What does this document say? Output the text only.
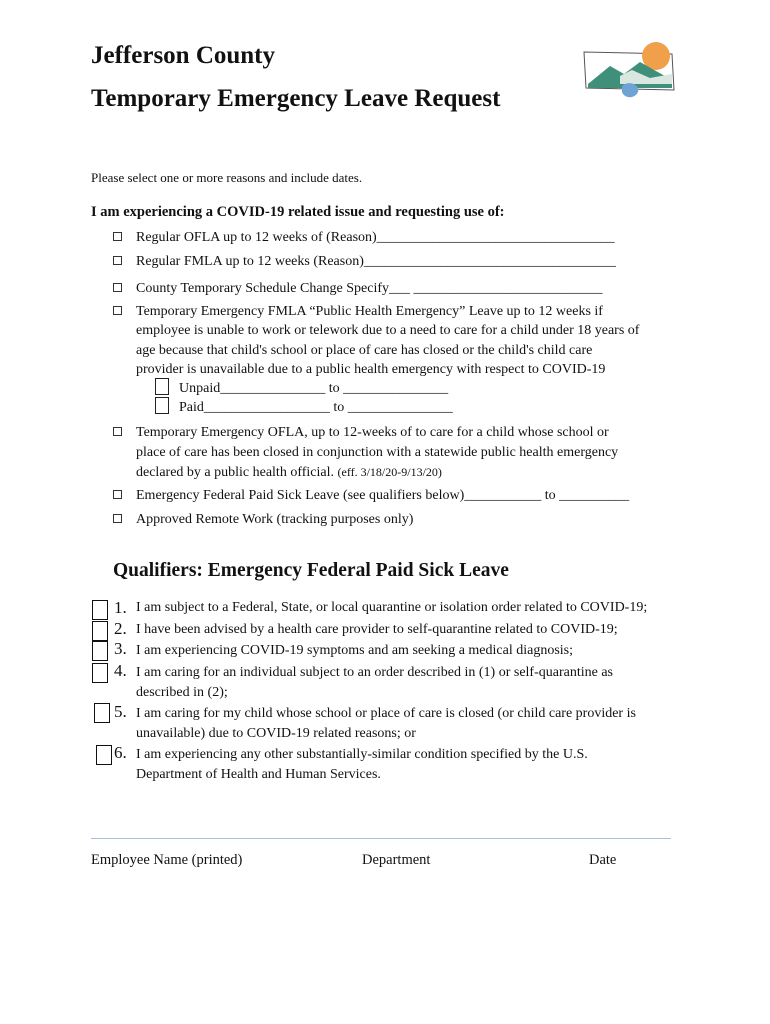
Jefferson County
Temporary Emergency Leave Request
Please select one or more reasons and include dates.
I am experiencing a COVID-19 related issue and requesting use of:
Regular OFLA up to 12 weeks of (Reason)__________________________________
Regular FMLA up to 12 weeks (Reason)____________________________________
County Temporary Schedule Change Specify___ ___________________________
Temporary Emergency FMLA “Public Health Emergency” Leave up to 12 weeks if
employee is unable to work or telework due to a need to care for a child under 18 years of
age because that child's school or place of care has closed or the child's child care
provider is unavailable due to a public health emergency with respect to COVID-19
Unpaid_______________ to _______________
Paid__________________ to _______________
Temporary Emergency OFLA, up to 12-weeks of to care for a child whose school or
place of care has been closed in conjunction with a statewide public health emergency
declared by a public health official. (eff. 3/18/20-9/13/20)
Emergency Federal Paid Sick Leave (see qualifiers below)___________ to __________
Approved Remote Work (tracking purposes only)
Qualifiers: Emergency Federal Paid Sick Leave
1. I am subject to a Federal, State, or local quarantine or isolation order related to COVID-19;
2. I have been advised by a health care provider to self-quarantine related to COVID-19;
3. I am experiencing COVID-19 symptoms and am seeking a medical diagnosis;
4. I am caring for an individual subject to an order described in (1) or self-quarantine as described in (2);
5. I am caring for my child whose school or place of care is closed (or child care provider is unavailable) due to COVID-19 related reasons; or
6. I am experiencing any other substantially-similar condition specified by the U.S. Department of Health and Human Services.
Employee Name (printed)	Department	Date
